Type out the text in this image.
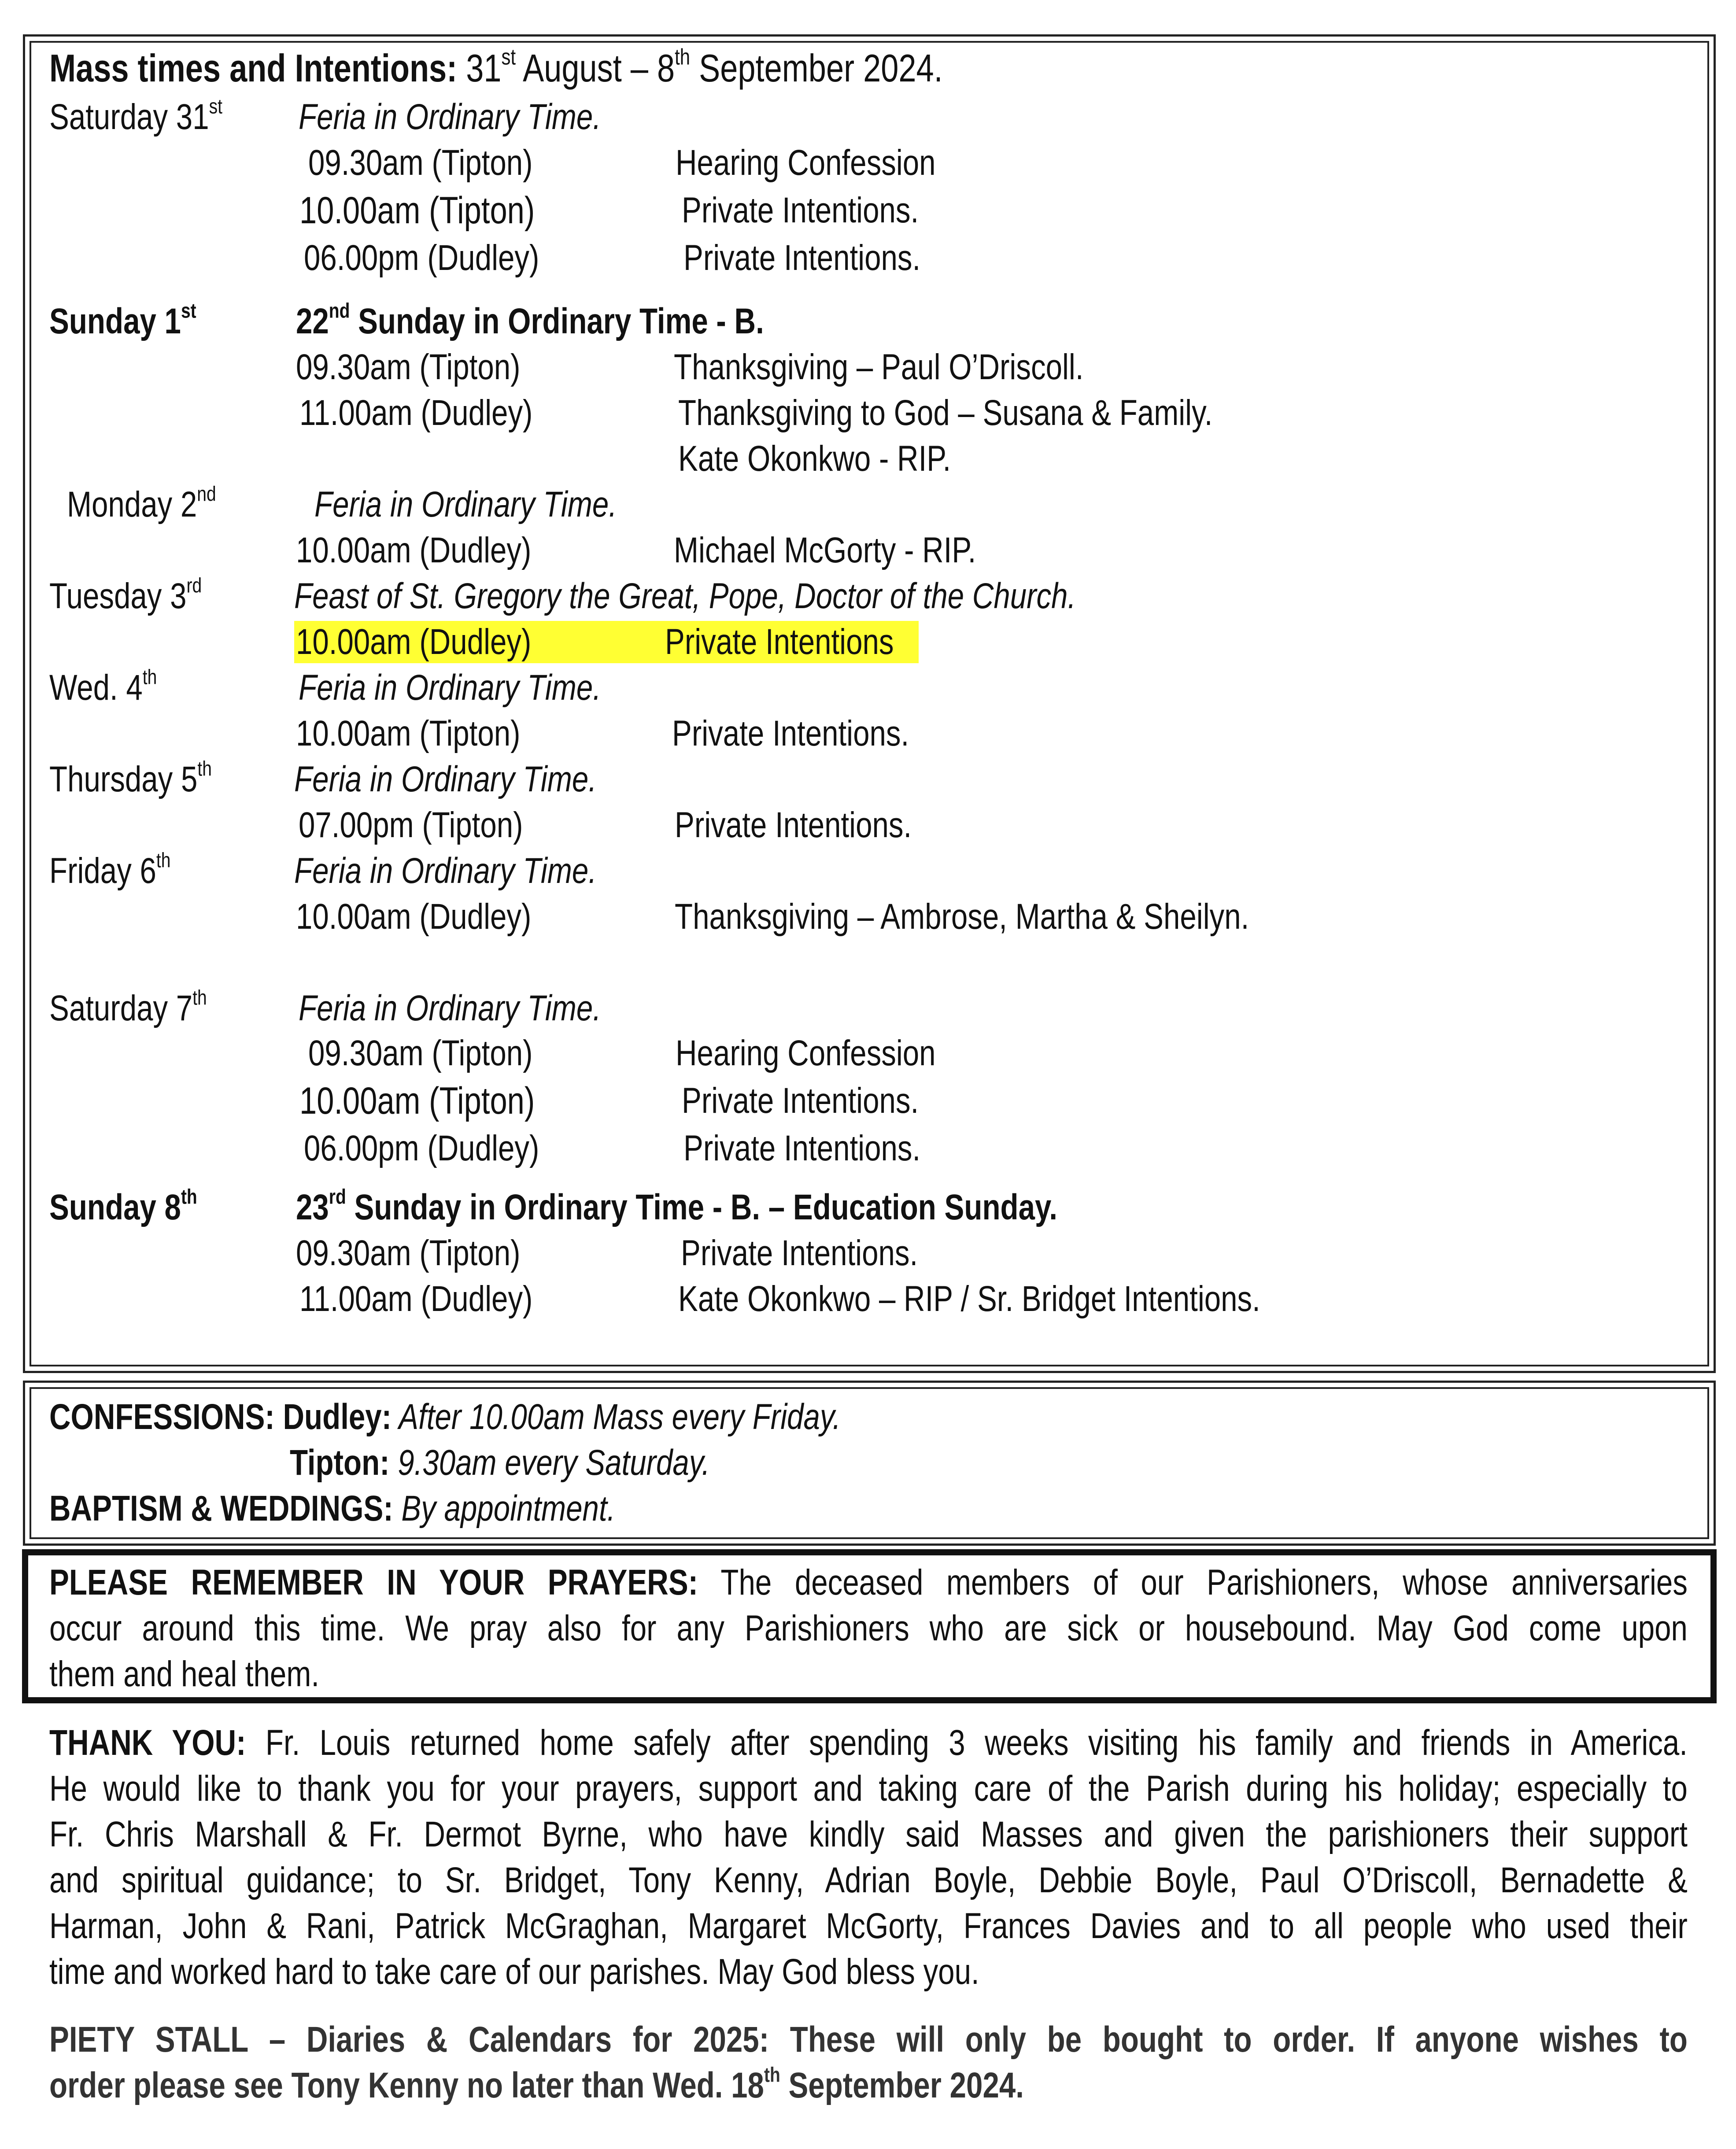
Mass times and Intentions: 31st August – 8th September 2024.
Saturday 31st	Feria in Ordinary Time.
09.30am (Tipton)	Hearing Confession
10.00am (Tipton)	Private Intentions.
06.00pm (Dudley)	Private Intentions.
Sunday 1st	22nd Sunday in Ordinary Time - B.
09.30am (Tipton)	Thanksgiving – Paul O’Driscoll.
11.00am (Dudley)	Thanksgiving to God – Susana & Family.
Kate Okonkwo - RIP.
Monday 2nd	Feria in Ordinary Time.
10.00am (Dudley)	Michael McGorty - RIP.
Tuesday 3rd	Feast of St. Gregory the Great, Pope, Doctor of the Church.
10.00am (Dudley)	Private Intentions
Wed. 4th	Feria in Ordinary Time.
10.00am (Tipton)	Private Intentions.
Thursday 5th	Feria in Ordinary Time.
07.00pm (Tipton)	Private Intentions.
Friday 6th	Feria in Ordinary Time.
10.00am (Dudley)	Thanksgiving – Ambrose, Martha & Sheilyn.
Saturday 7th	Feria in Ordinary Time.
09.30am (Tipton)	Hearing Confession
10.00am (Tipton)	Private Intentions.
06.00pm (Dudley)	Private Intentions.
Sunday 8th	23rd Sunday in Ordinary Time - B. – Education Sunday.
09.30am (Tipton)	Private Intentions.
11.00am (Dudley)	Kate Okonkwo – RIP / Sr. Bridget Intentions.
CONFESSIONS: Dudley: After 10.00am Mass every Friday.
Tipton: 9.30am every Saturday.
BAPTISM & WEDDINGS: By appointment.
PLEASE REMEMBER IN YOUR PRAYERS: The deceased members of our Parishioners, whose anniversaries
occur around this time. We pray also for any Parishioners who are sick or housebound. May God come upon
them and heal them.
THANK YOU: Fr. Louis returned home safely after spending 3 weeks visiting his family and friends in America.
He would like to thank you for your prayers, support and taking care of the Parish during his holiday; especially to
Fr. Chris Marshall & Fr. Dermot Byrne, who have kindly said Masses and given the parishioners their support
and spiritual guidance; to Sr. Bridget, Tony Kenny, Adrian Boyle, Debbie Boyle, Paul O’Driscoll, Bernadette &
Harman, John & Rani, Patrick McGraghan, Margaret McGorty, Frances Davies and to all people who used their
time and worked hard to take care of our parishes. May God bless you.
PIETY STALL – Diaries & Calendars for 2025: These will only be bought to order. If anyone wishes to
order please see Tony Kenny no later than Wed. 18th September 2024.
